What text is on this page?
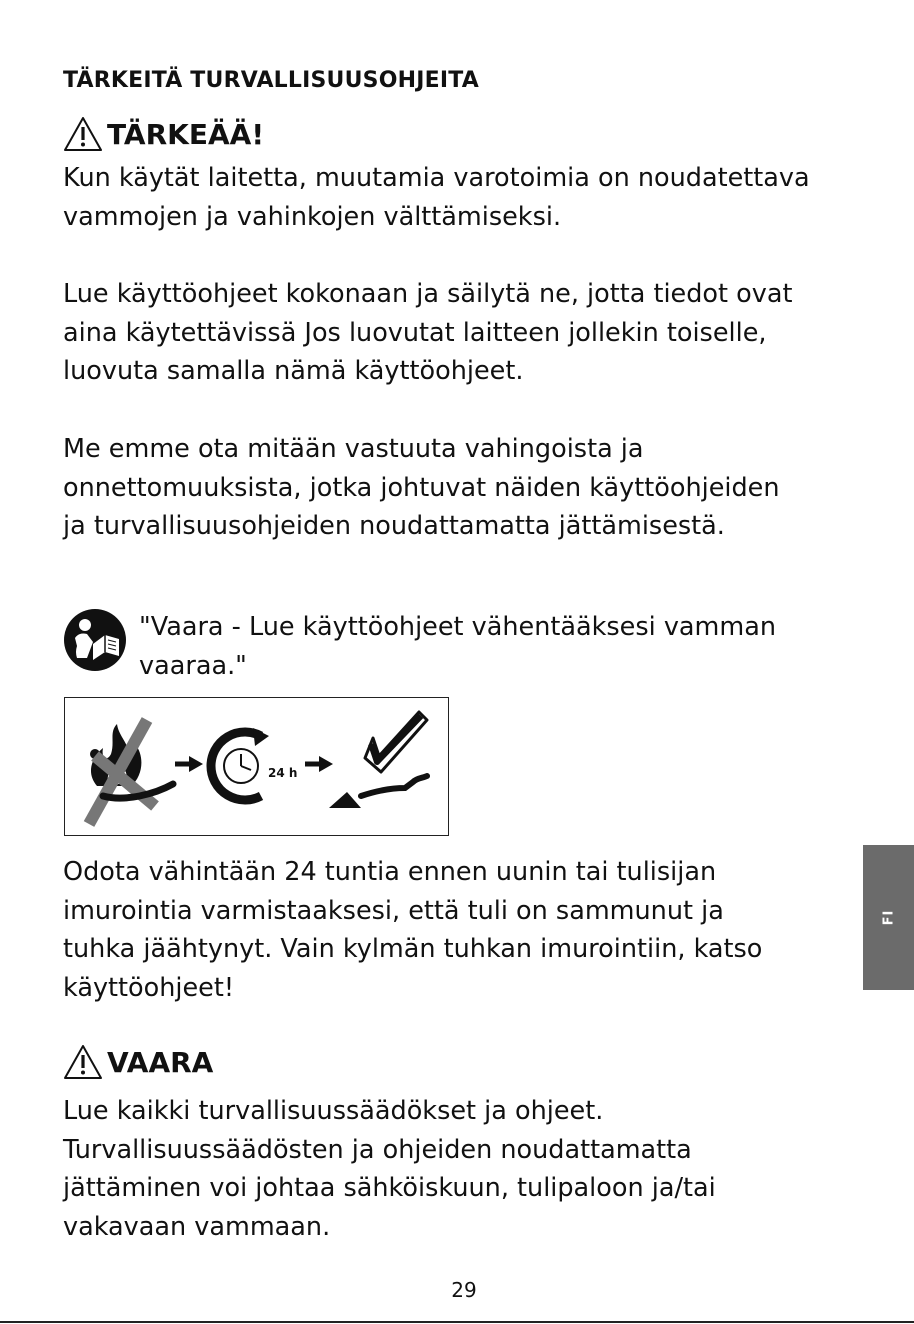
TÄRKEITÄ TURVALLISUUSOHJEITA
TÄRKEÄÄ!

Kun käytät laitetta, muutamia varotoimia on noudatettava
vammojen ja vahinkojen välttämiseksi.

Lue käyttöohjeet kokonaan ja säilytä ne, jotta tiedot ovat
aina käytettävissä Jos luovutat laitteen jollekin toiselle,
luovuta samalla nämä käyttöohjeet.

Me emme ota mitään vastuuta vahingoista ja
onnettomuuksista, jotka johtuvat näiden käyttöohjeiden
ja turvallisuusohjeiden noudattamatta jättämisestä.

"Vaara - Lue käyttöohjeet vähentääksesi vamman
vaaraa."

24 h

Odota vähintään 24 tuntia ennen uunin tai tulisijan
imurointia varmistaaksesi, että tuli on sammunut ja
tuhka jäähtynyt. Vain kylmän tuhkan imurointiin, katso
käyttöohjeet!

VAARA

Lue kaikki turvallisuussäädökset ja ohjeet.
Turvallisuussäädösten ja ohjeiden noudattamatta
jättäminen voi johtaa sähköiskuun, tulipaloon ja/tai
vakavaan vammaan.

FI

29
